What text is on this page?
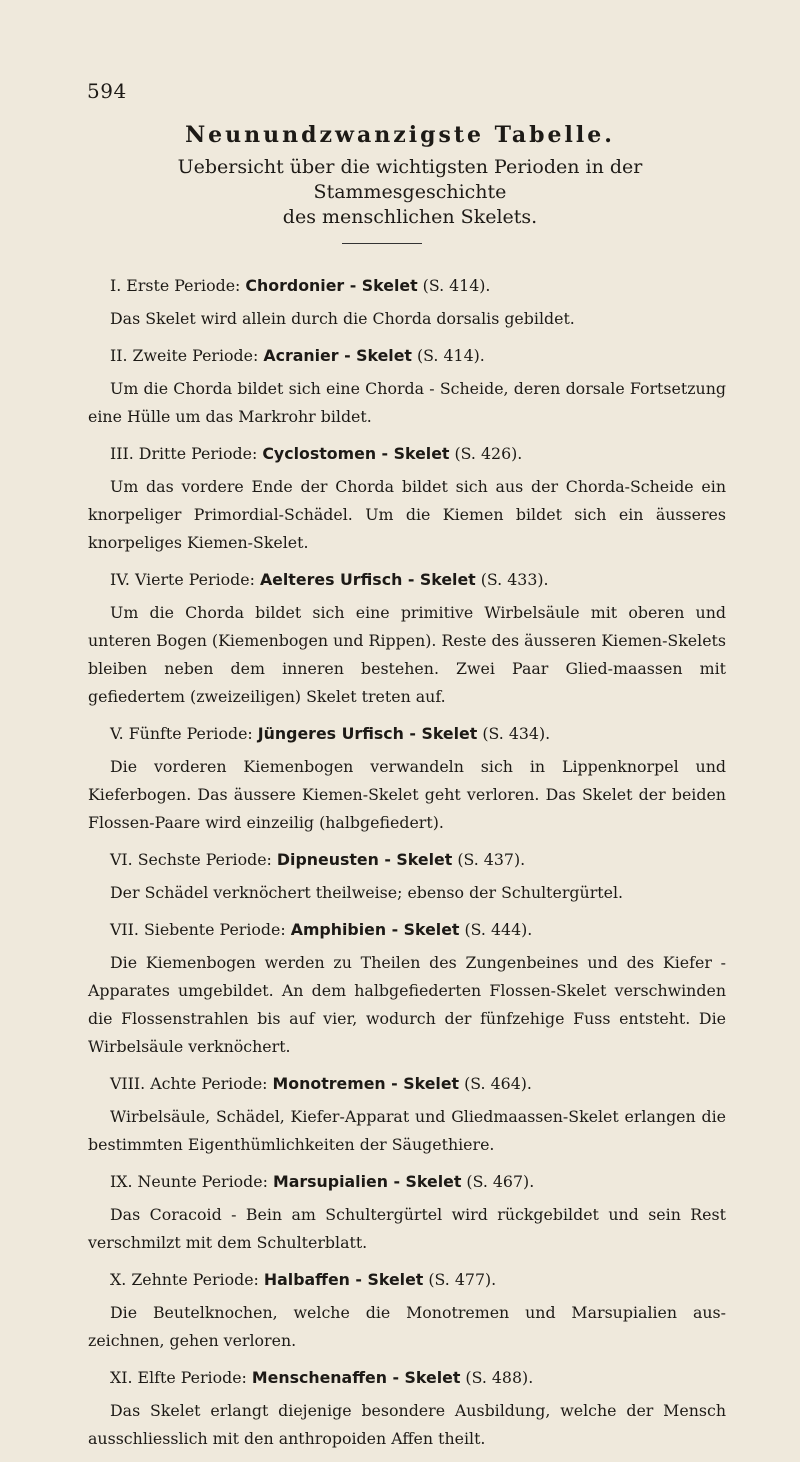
594
Neunundzwanzigste Tabelle.
Uebersicht über die wichtigsten Perioden in der Stammesgeschichte
des menschlichen Skelets.

I. Erste Periode: Chordonier - Skelet (S. 414).

Das Skelet wird allein durch die Chorda dorsalis gebildet.

II. Zweite Periode: Acranier - Skelet (S. 414).

Um die Chorda bildet sich eine Chorda - Scheide, deren dorsale Fortsetzung eine Hülle um das Markrohr bildet.

III. Dritte Periode: Cyclostomen - Skelet (S. 426).

Um das vordere Ende der Chorda bildet sich aus der Chorda-Scheide ein knorpeliger Primordial-Schädel. Um die Kiemen bildet sich ein äusseres knorpeliges Kiemen-Skelet.

IV. Vierte Periode: Aelteres Urfisch - Skelet (S. 433).

Um die Chorda bildet sich eine primitive Wirbelsäule mit oberen und unteren Bogen (Kiemenbogen und Rippen). Reste des äusseren Kiemen-Skelets bleiben neben dem inneren bestehen. Zwei Paar Glied-maassen mit gefiedertem (zweizeiligen) Skelet treten auf.

V. Fünfte Periode: Jüngeres Urfisch - Skelet (S. 434).

Die vorderen Kiemenbogen verwandeln sich in Lippenknorpel und Kieferbogen. Das äussere Kiemen-Skelet geht verloren. Das Skelet der beiden Flossen-Paare wird einzeilig (halbgefiedert).

VI. Sechste Periode: Dipneusten - Skelet (S. 437).

Der Schädel verknöchert theilweise; ebenso der Schultergürtel.

VII. Siebente Periode: Amphibien - Skelet (S. 444).

Die Kiemenbogen werden zu Theilen des Zungenbeines und des Kiefer - Apparates umgebildet. An dem halbgefiederten Flossen-Skelet verschwinden die Flossenstrahlen bis auf vier, wodurch der fünfzehige Fuss entsteht. Die Wirbelsäule verknöchert.

VIII. Achte Periode: Monotremen - Skelet (S. 464).

Wirbelsäule, Schädel, Kiefer-Apparat und Gliedmaassen-Skelet erlangen die bestimmten Eigenthümlichkeiten der Säugethiere.

IX. Neunte Periode: Marsupialien - Skelet (S. 467).

Das Coracoid - Bein am Schultergürtel wird rückgebildet und sein Rest verschmilzt mit dem Schulterblatt.

X. Zehnte Periode: Halbaffen - Skelet (S. 477).

Die Beutelknochen, welche die Monotremen und Marsupialien aus-zeichnen, gehen verloren.

XI. Elfte Periode: Menschenaffen - Skelet (S. 488).

Das Skelet erlangt diejenige besondere Ausbildung, welche der Mensch ausschliesslich mit den anthropoiden Affen theilt.
